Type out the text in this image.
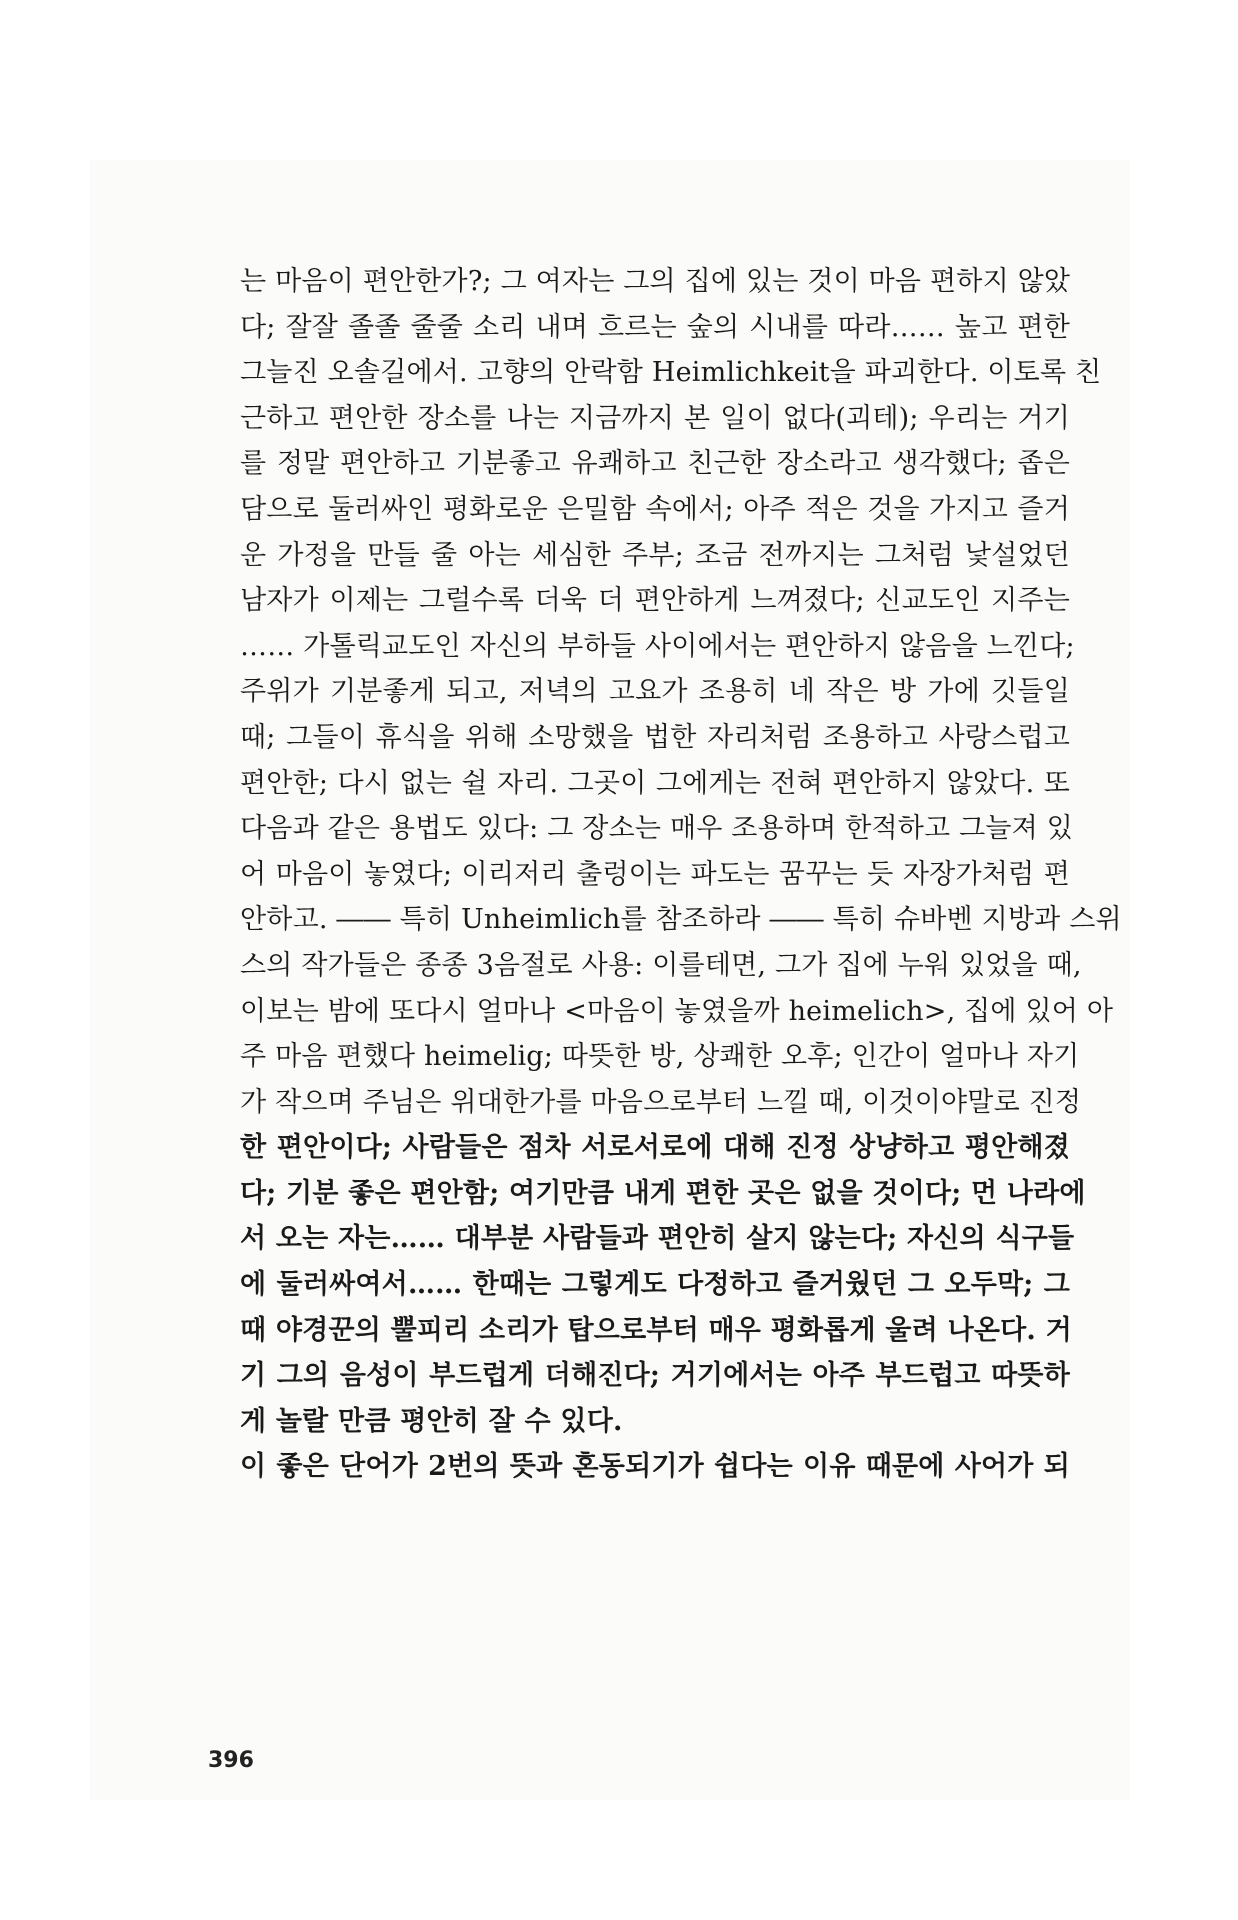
는 마음이 편안한가?; 그 여자는 그의 집에 있는 것이 마음 편하지 않았
다; 잘잘 졸졸 줄줄 소리 내며 흐르는 숲의 시내를 따라…… 높고 편한
그늘진 오솔길에서. 고향의 안락함 Heimlichkeit을 파괴한다. 이토록 친
근하고 편안한 장소를 나는 지금까지 본 일이 없다(괴테); 우리는 거기
를 정말 편안하고 기분좋고 유쾌하고 친근한 장소라고 생각했다; 좁은
담으로 둘러싸인 평화로운 은밀함 속에서; 아주 적은 것을 가지고 즐거
운 가정을 만들 줄 아는 세심한 주부; 조금 전까지는 그처럼 낯설었던
남자가 이제는 그럴수록 더욱 더 편안하게 느껴졌다; 신교도인 지주는
…… 가톨릭교도인 자신의 부하들 사이에서는 편안하지 않음을 느낀다;
주위가 기분좋게 되고, 저녁의 고요가 조용히 네 작은 방 가에 깃들일
때; 그들이 휴식을 위해 소망했을 법한 자리처럼 조용하고 사랑스럽고
편안한; 다시 없는 쉴 자리. 그곳이 그에게는 전혀 편안하지 않았다. 또
다음과 같은 용법도 있다: 그 장소는 매우 조용하며 한적하고 그늘져 있
어 마음이 놓였다; 이리저리 출렁이는 파도는 꿈꾸는 듯 자장가처럼 편
안하고. ―― 특히 Unheimlich를 참조하라 ―― 특히 슈바벤 지방과 스위
스의 작가들은 종종 3음절로 사용: 이를테면, 그가 집에 누워 있었을 때,
이보는 밤에 또다시 얼마나 <마음이 놓였을까 heimelich>, 집에 있어 아
주 마음 편했다 heimelig; 따뜻한 방, 상쾌한 오후; 인간이 얼마나 자기
가 작으며 주님은 위대한가를 마음으로부터 느낄 때, 이것이야말로 진정
한 편안이다; 사람들은 점차 서로서로에 대해 진정 상냥하고 평안해졌
다; 기분 좋은 편안함; 여기만큼 내게 편한 곳은 없을 것이다; 먼 나라에
서 오는 자는…… 대부분 사람들과 편안히 살지 않는다; 자신의 식구들
에 둘러싸여서…… 한때는 그렇게도 다정하고 즐거웠던 그 오두막; 그
때 야경꾼의 뿔피리 소리가 탑으로부터 매우 평화롭게 울려 나온다. 거
기 그의 음성이 부드럽게 더해진다; 거기에서는 아주 부드럽고 따뜻하
게 놀랄 만큼 평안히 잘 수 있다.
이 좋은 단어가 2번의 뜻과 혼동되기가 쉽다는 이유 때문에 사어가 되
396
